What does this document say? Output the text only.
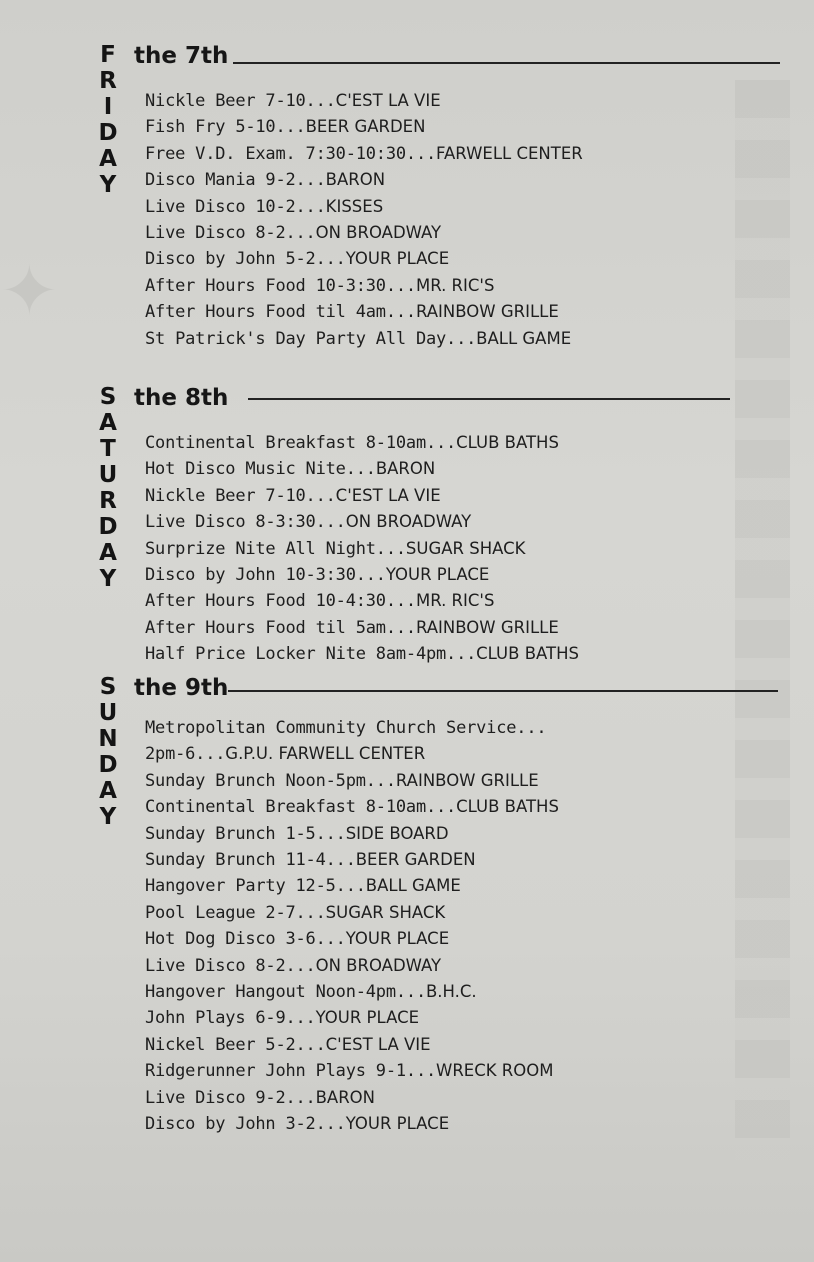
✦
F
R
I
D
A
Y
the 7th
Nickle Beer 7-10...C'EST LA VIE
Fish Fry 5-10...BEER GARDEN
Free V.D. Exam. 7:30-10:30...FARWELL CENTER
Disco Mania 9-2...BARON
Live Disco 10-2...KISSES
Live Disco 8-2...ON BROADWAY
Disco by John 5-2...YOUR PLACE
After Hours Food 10-3:30...MR. RIC'S
After Hours Food til 4am...RAINBOW GRILLE
St Patrick's Day Party All Day...BALL GAME
S
A
T
U
R
D
A
Y
the 8th
Continental Breakfast 8-10am...CLUB BATHS
Hot Disco Music Nite...BARON
Nickle Beer 7-10...C'EST LA VIE
Live Disco 8-3:30...ON BROADWAY
Surprize Nite All Night...SUGAR SHACK
Disco by John 10-3:30...YOUR PLACE
After Hours Food 10-4:30...MR. RIC'S
After Hours Food til 5am...RAINBOW GRILLE
Half Price Locker Nite 8am-4pm...CLUB BATHS
S
U
N
D
A
Y
the 9th
Metropolitan Community Church Service...
2pm-6...G.P.U. FARWELL CENTER
Sunday Brunch Noon-5pm...RAINBOW GRILLE
Continental Breakfast 8-10am...CLUB BATHS
Sunday Brunch 1-5...SIDE BOARD
Sunday Brunch 11-4...BEER GARDEN
Hangover Party 12-5...BALL GAME
Pool League 2-7...SUGAR SHACK
Hot Dog Disco 3-6...YOUR PLACE
Live Disco 8-2...ON BROADWAY
Hangover Hangout Noon-4pm...B.H.C.
John Plays 6-9...YOUR PLACE
Nickel Beer 5-2...C'EST LA VIE
Ridgerunner John Plays 9-1...WRECK ROOM
Live Disco 9-2...BARON
Disco by John 3-2...YOUR PLACE
